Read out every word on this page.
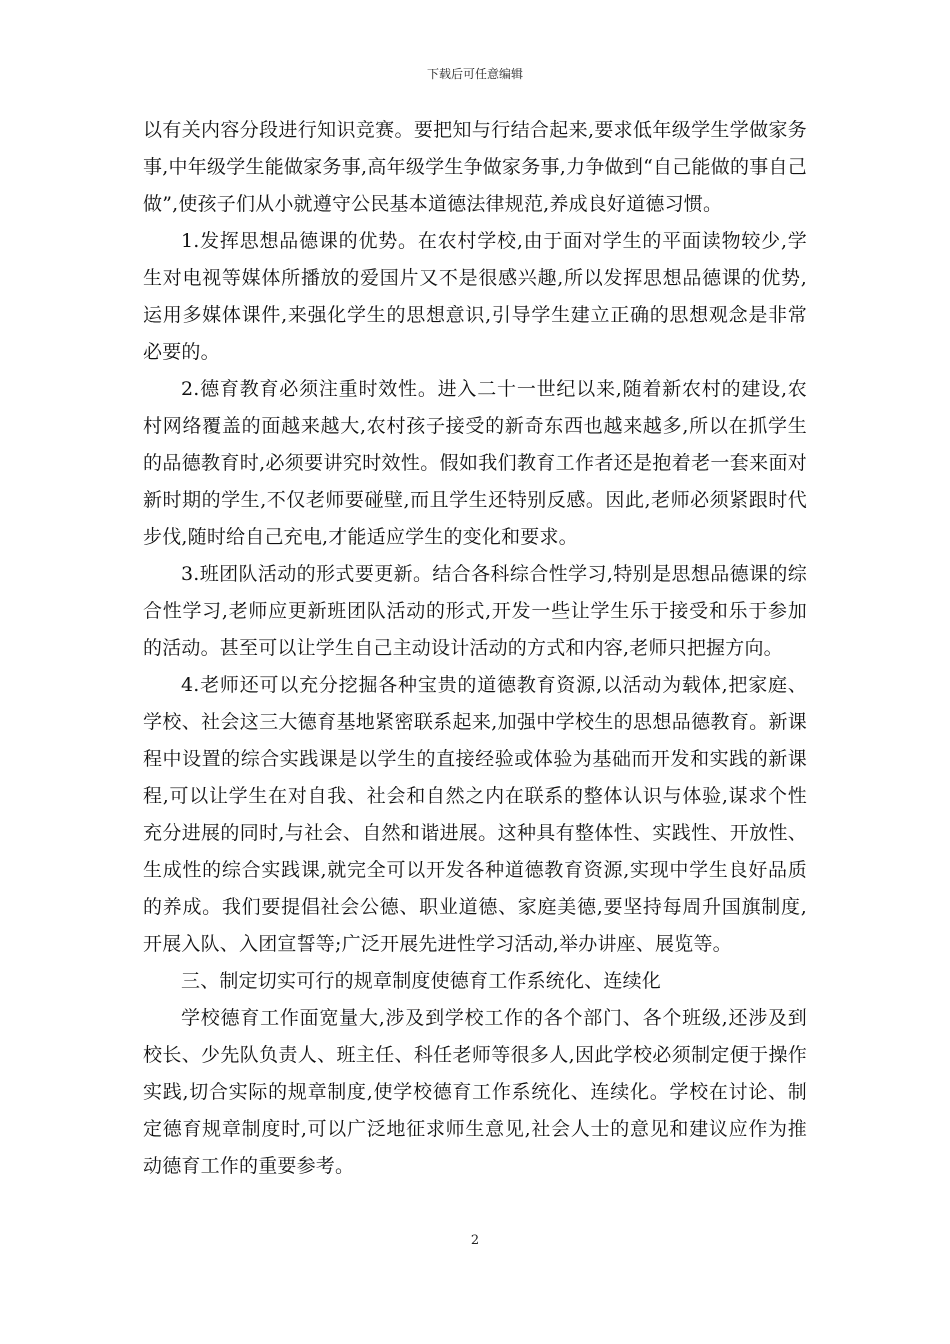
下载后可任意编辑

以有关内容分段进行知识竞赛。要把知与行结合起来,要求低年级学生学做家务事,中年级学生能做家务事,高年级学生争做家务事,力争做到“自己能做的事自己做”,使孩子们从小就遵守公民基本道德法律规范,养成良好道德习惯。

1.发挥思想品德课的优势。在农村学校,由于面对学生的平面读物较少,学生对电视等媒体所播放的爱国片又不是很感兴趣,所以发挥思想品德课的优势,运用多媒体课件,来强化学生的思想意识,引导学生建立正确的思想观念是非常必要的。

2.德育教育必须注重时效性。进入二十一世纪以来,随着新农村的建设,农村网络覆盖的面越来越大,农村孩子接受的新奇东西也越来越多,所以在抓学生的品德教育时,必须要讲究时效性。假如我们教育工作者还是抱着老一套来面对新时期的学生,不仅老师要碰壁,而且学生还特别反感。因此,老师必须紧跟时代步伐,随时给自己充电,才能适应学生的变化和要求。

3.班团队活动的形式要更新。结合各科综合性学习,特别是思想品德课的综合性学习,老师应更新班团队活动的形式,开发一些让学生乐于接受和乐于参加的活动。甚至可以让学生自己主动设计活动的方式和内容,老师只把握方向。

4.老师还可以充分挖掘各种宝贵的道德教育资源,以活动为载体,把家庭、学校、社会这三大德育基地紧密联系起来,加强中学校生的思想品德教育。新课程中设置的综合实践课是以学生的直接经验或体验为基础而开发和实践的新课程,可以让学生在对自我、社会和自然之内在联系的整体认识与体验,谋求个性充分进展的同时,与社会、自然和谐进展。这种具有整体性、实践性、开放性、生成性的综合实践课,就完全可以开发各种道德教育资源,实现中学生良好品质的养成。我们要提倡社会公德、职业道德、家庭美德,要坚持每周升国旗制度,开展入队、入团宣誓等;广泛开展先进性学习活动,举办讲座、展览等。

三、制定切实可行的规章制度使德育工作系统化、连续化

学校德育工作面宽量大,涉及到学校工作的各个部门、各个班级,还涉及到校长、少先队负责人、班主任、科任老师等很多人,因此学校必须制定便于操作实践,切合实际的规章制度,使学校德育工作系统化、连续化。学校在讨论、制定德育规章制度时,可以广泛地征求师生意见,社会人士的意见和建议应作为推动德育工作的重要参考。

2
